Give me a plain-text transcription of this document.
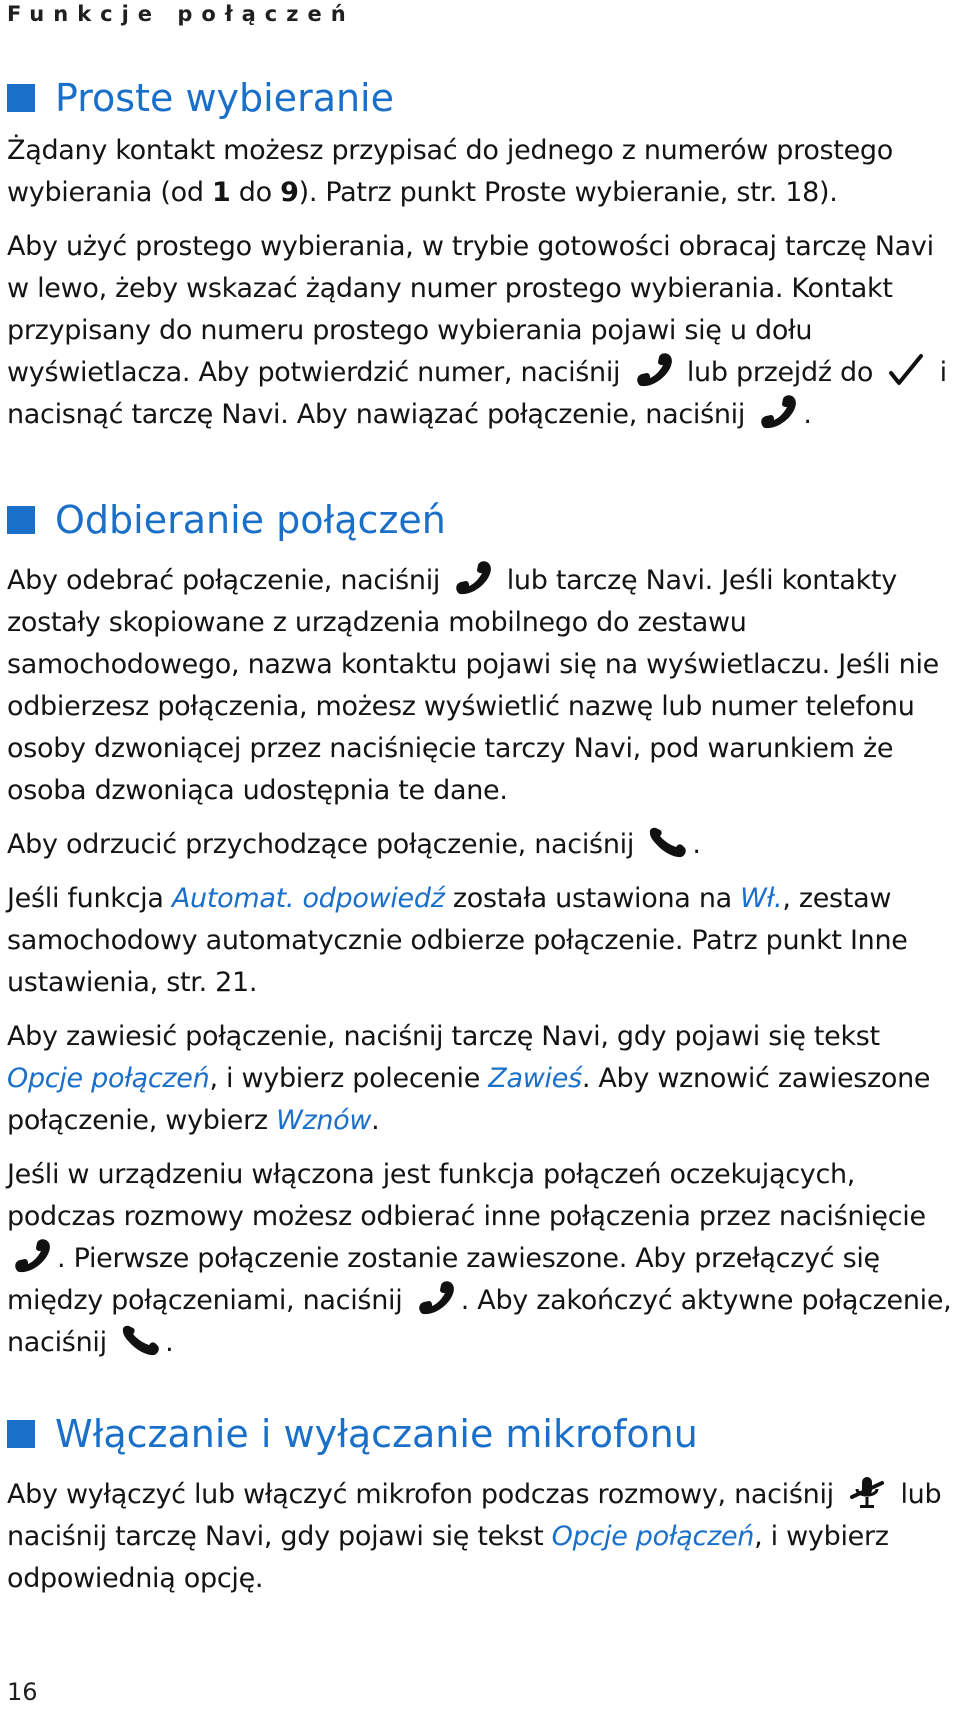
Funkcje połączeń
Proste wybieranie

Żądany kontakt możesz przypisać do jednego z numerów prostego wybierania (od 1 do 9). Patrz punkt Proste wybieranie, str. 18).

Aby użyć prostego wybierania, w trybie gotowości obracaj tarczę Navi w lewo, żeby wskazać żądany numer prostego wybierania. Kontakt przypisany do numeru prostego wybierania pojawi się u dołu wyświetlacza. Aby potwierdzić numer, naciśnij lub przejdź do i nacisnąć tarczę Navi. Aby nawiązać połączenie, naciśnij .

Odbieranie połączeń

Aby odebrać połączenie, naciśnij lub tarczę Navi. Jeśli kontakty zostały skopiowane z urządzenia mobilnego do zestawu samochodowego, nazwa kontaktu pojawi się na wyświetlaczu. Jeśli nie odbierzesz połączenia, możesz wyświetlić nazwę lub numer telefonu osoby dzwoniącej przez naciśnięcie tarczy Navi, pod warunkiem że osoba dzwoniąca udostępnia te dane.

Aby odrzucić przychodzące połączenie, naciśnij .

Jeśli funkcja Automat. odpowiedź została ustawiona na Wł., zestaw samochodowy automatycznie odbierze połączenie. Patrz punkt Inne ustawienia, str. 21.

Aby zawiesić połączenie, naciśnij tarczę Navi, gdy pojawi się tekst Opcje połączeń, i wybierz polecenie Zawieś. Aby wznowić zawieszone połączenie, wybierz Wznów.

Jeśli w urządzeniu włączona jest funkcja połączeń oczekujących, podczas rozmowy możesz odbierać inne połączenia przez naciśnięcie
. Pierwsze połączenie zostanie zawieszone. Aby przełączyć się między połączeniami, naciśnij . Aby zakończyć aktywne połączenie, naciśnij .

Włączanie i wyłączanie mikrofonu

Aby wyłączyć lub włączyć mikrofon podczas rozmowy, naciśnij lub naciśnij tarczę Navi, gdy pojawi się tekst Opcje połączeń, i wybierz odpowiednią opcję.

16
